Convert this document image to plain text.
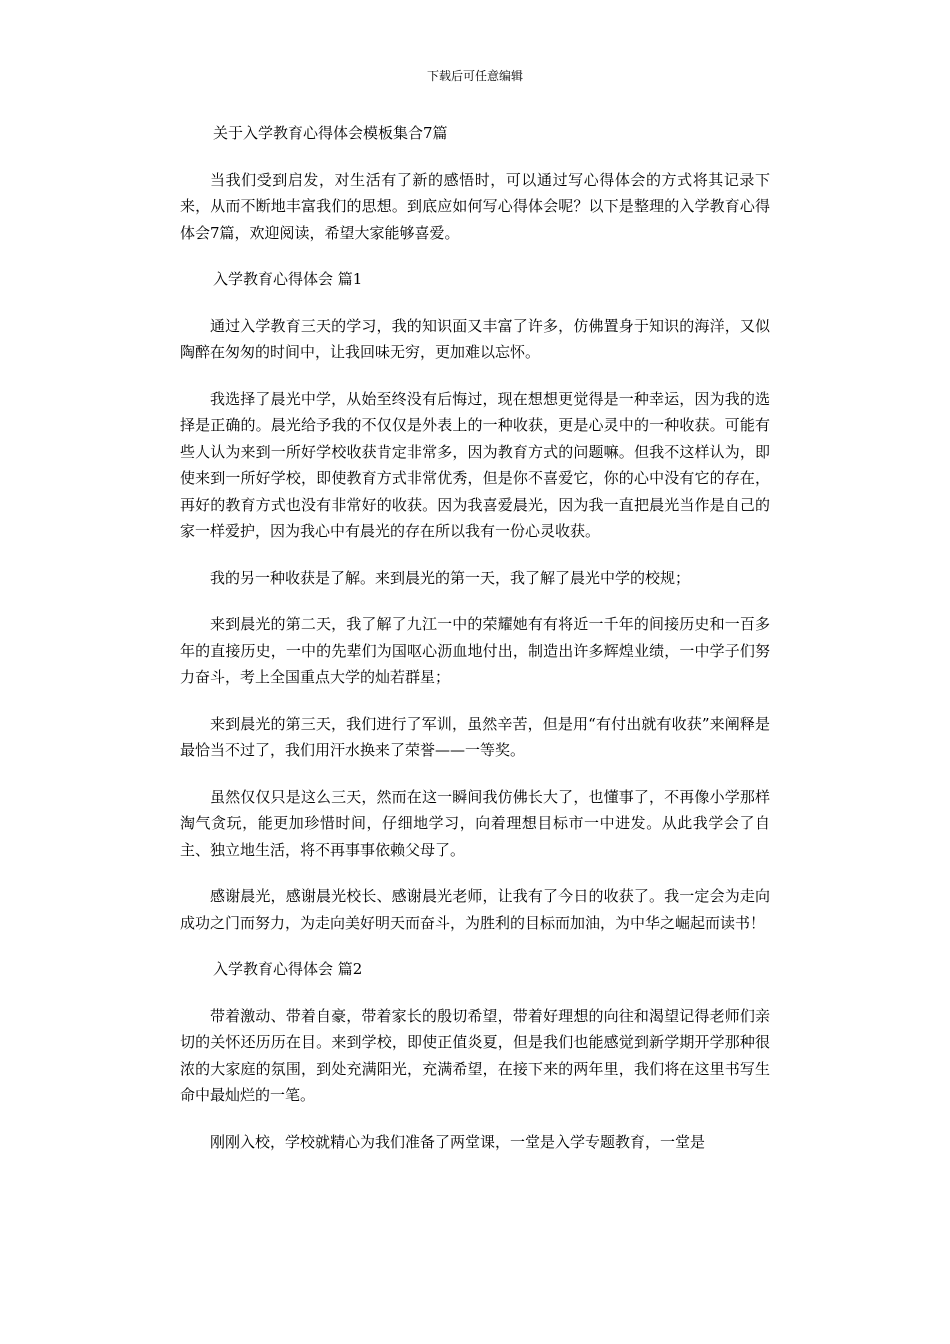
下载后可任意编辑

关于入学教育心得体会模板集合7篇

当我们受到启发，对生活有了新的感悟时，可以通过写心得体会的方式将其记录下来，从而不断地丰富我们的思想。到底应如何写心得体会呢？以下是整理的入学教育心得体会7篇，欢迎阅读，希望大家能够喜爱。

入学教育心得体会 篇1

通过入学教育三天的学习，我的知识面又丰富了许多，仿佛置身于知识的海洋，又似陶醉在匆匆的时间中，让我回味无穷，更加难以忘怀。

我选择了晨光中学，从始至终没有后悔过，现在想想更觉得是一种幸运，因为我的选择是正确的。晨光给予我的不仅仅是外表上的一种收获，更是心灵中的一种收获。可能有些人认为来到一所好学校收获肯定非常多，因为教育方式的问题嘛。但我不这样认为，即使来到一所好学校，即使教育方式非常优秀，但是你不喜爱它，你的心中没有它的存在，再好的教育方式也没有非常好的收获。因为我喜爱晨光，因为我一直把晨光当作是自己的家一样爱护，因为我心中有晨光的存在所以我有一份心灵收获。

我的另一种收获是了解。来到晨光的第一天，我了解了晨光中学的校规；

来到晨光的第二天，我了解了九江一中的荣耀她有有将近一千年的间接历史和一百多年的直接历史，一中的先辈们为国呕心沥血地付出，制造出许多辉煌业绩，一中学子们努力奋斗，考上全国重点大学的灿若群星；

来到晨光的第三天，我们进行了军训，虽然辛苦，但是用“有付出就有收获”来阐释是最恰当不过了，我们用汗水换来了荣誉——一等奖。

虽然仅仅只是这么三天，然而在这一瞬间我仿佛长大了，也懂事了，不再像小学那样淘气贪玩，能更加珍惜时间，仔细地学习，向着理想目标市一中进发。从此我学会了自主、独立地生活，将不再事事依赖父母了。

感谢晨光，感谢晨光校长、感谢晨光老师，让我有了今日的收获了。我一定会为走向成功之门而努力，为走向美好明天而奋斗，为胜利的目标而加油，为中华之崛起而读书！

入学教育心得体会 篇2

带着激动、带着自豪，带着家长的殷切希望，带着好理想的向往和渴望记得老师们亲切的关怀还历历在目。来到学校，即使正值炎夏，但是我们也能感觉到新学期开学那种很浓的大家庭的氛围，到处充满阳光，充满希望，在接下来的两年里，我们将在这里书写生命中最灿烂的一笔。

刚刚入校，学校就精心为我们准备了两堂课，一堂是入学专题教育，一堂是
